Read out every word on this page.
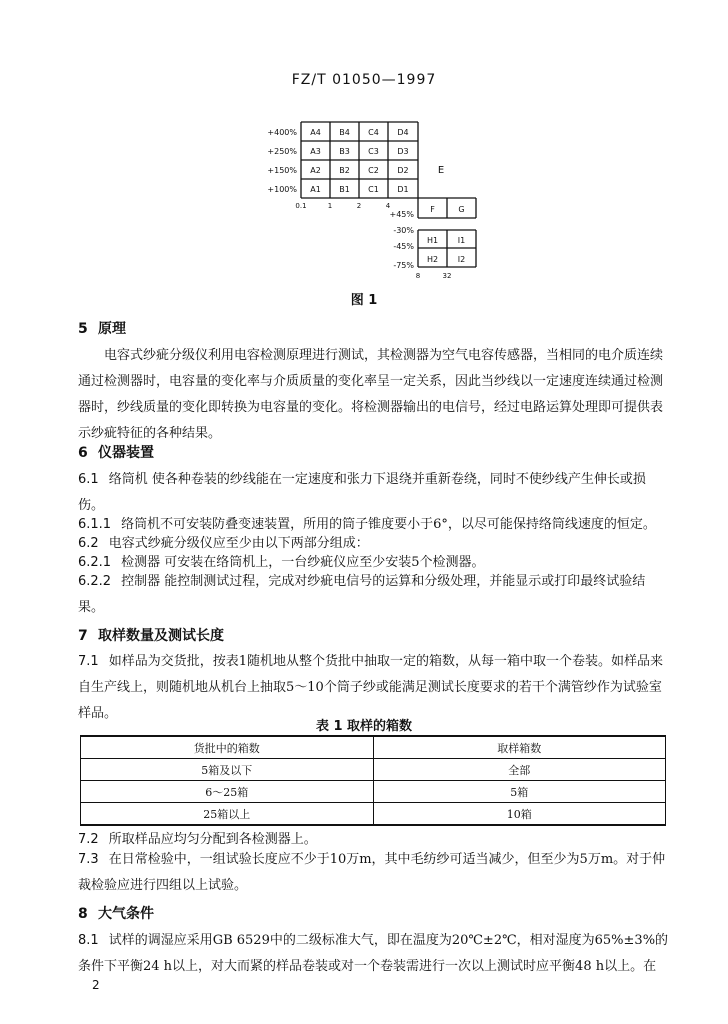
FZ/T 01050—1997
+400% A4 B4 C4 D4
+250% A3 B3 C3 D3
+150% A2 B2 C2 D2
+100% A1 B1 C1 D1
0.1	1	2	4
E
+45%
F	G
-30%
-45%
H1 I1
-75%
H2 I2
8	32
图 1
5 原理
电容式纱疵分级仪利用电容检测原理进行测试，其检测器为空气电容传感器，当相同的电介质连续通过检测器时，电容量的变化率与介质质量的变化率呈一定关系，因此当纱线以一定速度连续通过检测器时，纱线质量的变化即转换为电容量的变化。将检测器输出的电信号，经过电路运算处理即可提供表示纱疵特征的各种结果。
6 仪器装置
6.1 络筒机 使各种卷装的纱线能在一定速度和张力下退绕并重新卷绕，同时不使纱线产生伸长或损伤。
6.1.1 络筒机不可安装防叠变速装置，所用的筒子锥度要小于6°，以尽可能保持络筒线速度的恒定。
6.2 电容式纱疵分级仪应至少由以下两部分组成：
6.2.1 检测器 可安装在络筒机上，一台纱疵仪应至少安装5个检测器。
6.2.2 控制器 能控制测试过程，完成对纱疵电信号的运算和分级处理，并能显示或打印最终试验结果。
7 取样数量及测试长度
7.1 如样品为交货批，按表1随机地从整个货批中抽取一定的箱数，从每一箱中取一个卷装。如样品来自生产线上，则随机地从机台上抽取5～10个筒子纱或能满足测试长度要求的若干个满管纱作为试验室样品。
表 1 取样的箱数
货批中的箱数	取样箱数
5箱及以下	全部
6～25箱	5箱
25箱以上	10箱
7.2 所取样品应均匀分配到各检测器上。
7.3 在日常检验中，一组试验长度应不少于10万m，其中毛纺纱可适当减少，但至少为5万m。对于仲裁检验应进行四组以上试验。
8 大气条件
8.1 试样的调湿应采用GB 6529中的二级标准大气，即在温度为20℃±2℃，相对湿度为65%±3%的条件下平衡24 h以上，对大而紧的样品卷装或对一个卷装需进行一次以上测试时应平衡48 h以上。在
2
